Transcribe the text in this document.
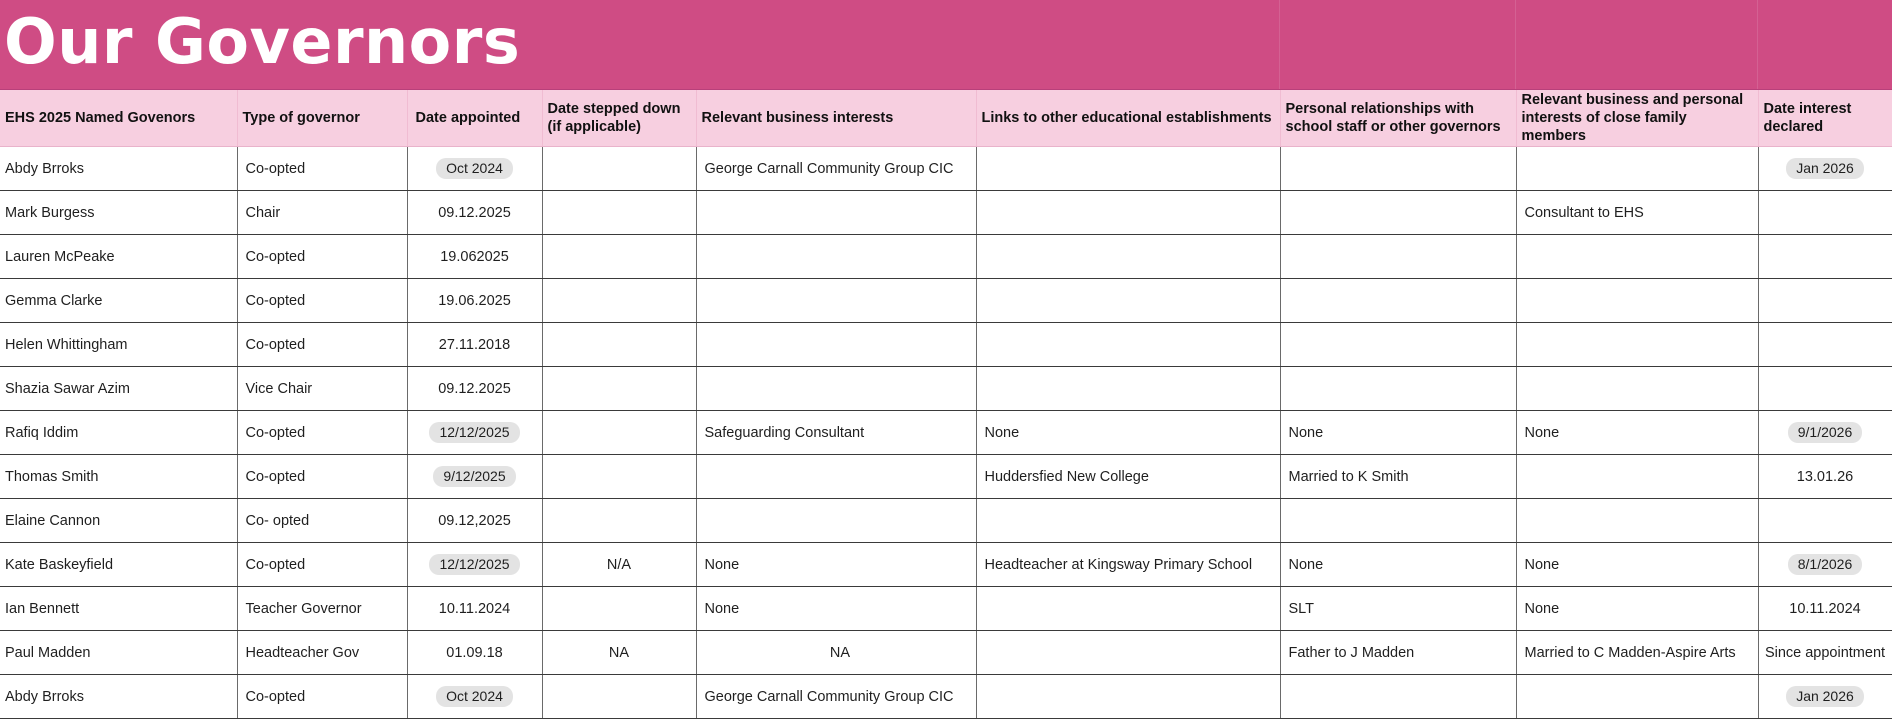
Our Governors
EHS 2025 Named Govenors	Type of governor	Date appointed	Date stepped down (if applicable)	Relevant business interests	Links to other educational establishments	Personal relationships with school staff or other governors	Relevant business and personal interests of close family members	Date interest declared
Abdy Brroks	Co-opted	Oct 2024		George Carnall Community Group CIC				Jan 2026
Mark Burgess	Chair	09.12.2025					Consultant to EHS	
Lauren McPeake	Co-opted	19.062025						
Gemma Clarke	Co-opted	19.06.2025						
Helen Whittingham	Co-opted	27.11.2018						
Shazia Sawar Azim	Vice Chair	09.12.2025						
Rafiq Iddim	Co-opted	12/12/2025		Safeguarding Consultant	None	None	None	9/1/2026
Thomas Smith	Co-opted	9/12/2025			Huddersfied New College	Married to K Smith		13.01.26
Elaine Cannon	Co- opted	09.12,2025						
Kate Baskeyfield	Co-opted	12/12/2025	N/A	None	Headteacher at Kingsway Primary School	None	None	8/1/2026
Ian Bennett	Teacher Governor	10.11.2024		None		SLT	None	10.11.2024
Paul Madden	Headteacher Gov	01.09.18	NA	NA		Father to J Madden	Married to C Madden-Aspire Arts	Since appointment
Abdy Brroks	Co-opted	Oct 2024		George Carnall Community Group CIC				Jan 2026
